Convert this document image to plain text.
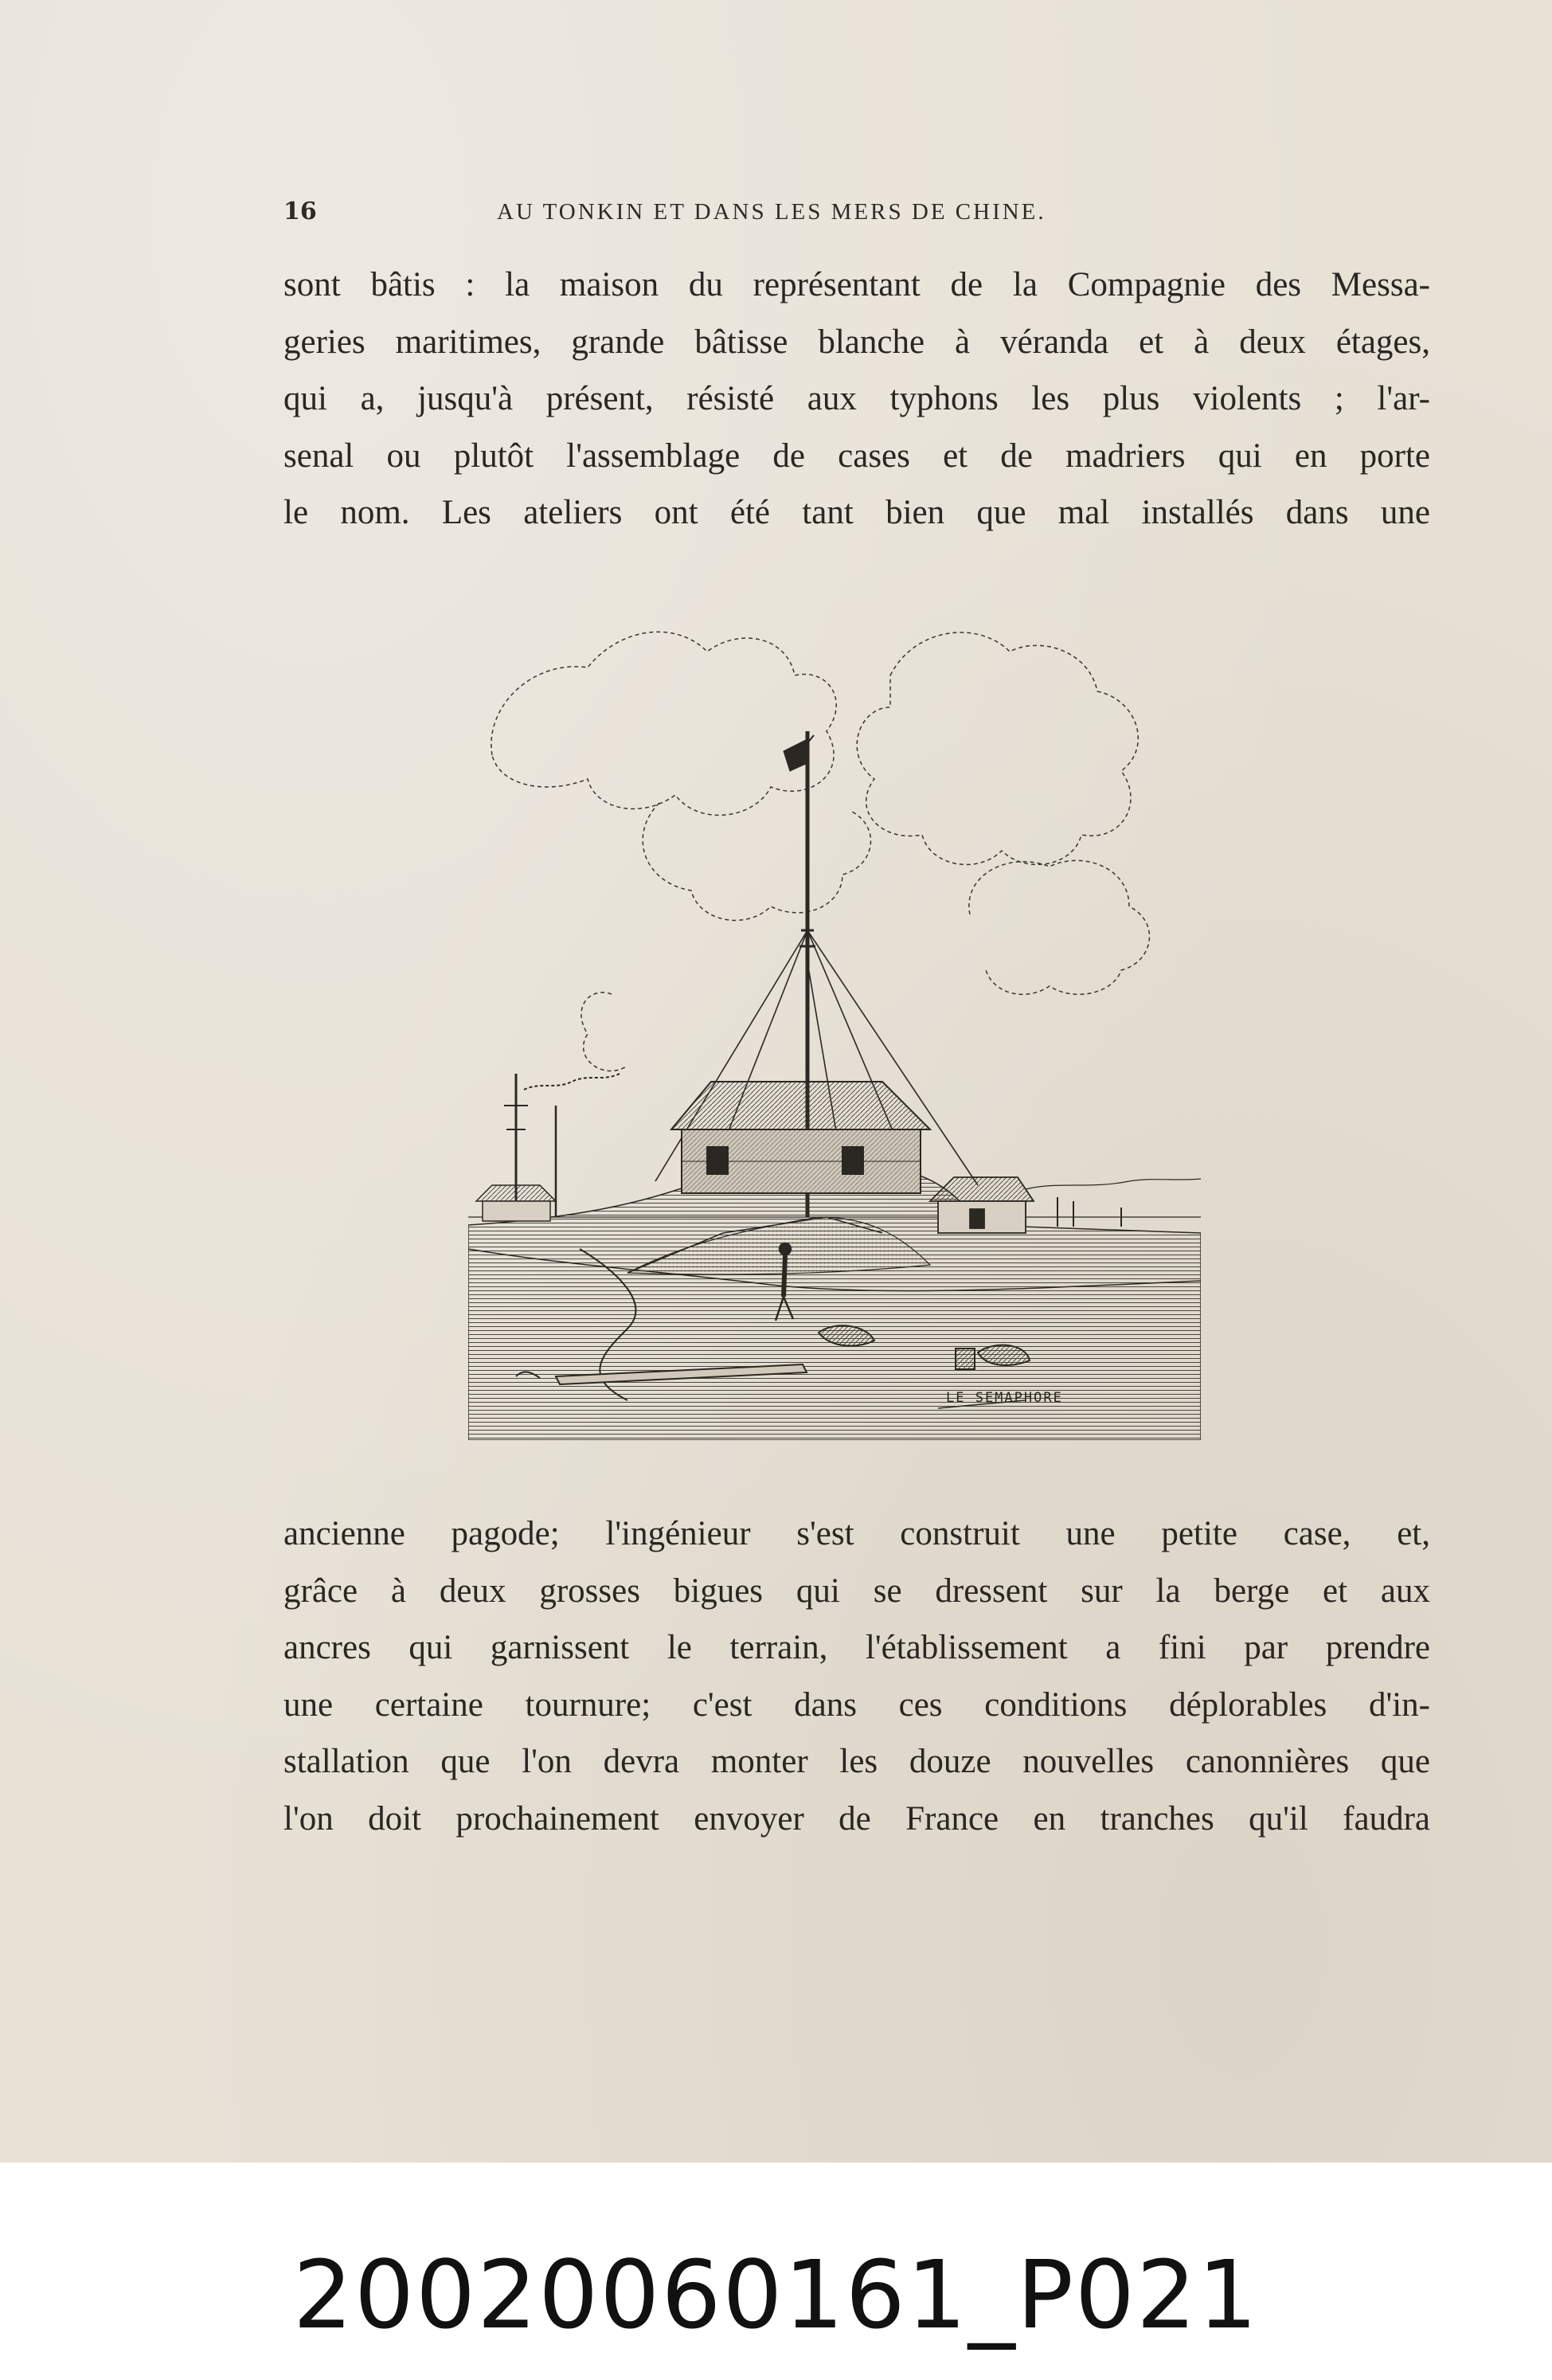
16	AU TONKIN ET DANS LES MERS DE CHINE.
sont bâtis : la maison du représentant de la Compagnie des Messa-
geries maritimes, grande bâtisse blanche à véranda et à deux étages,
qui a, jusqu'à présent, résisté aux typhons les plus violents ; l'ar-
senal ou plutôt l'assemblage de cases et de madriers qui en porte
le nom. Les ateliers ont été tant bien que mal installés dans une
LE SEMAPHORE
ancienne pagode; l'ingénieur s'est construit une petite case, et,
grâce à deux grosses bigues qui se dressent sur la berge et aux
ancres qui garnissent le terrain, l'établissement a fini par prendre
une certaine tournure; c'est dans ces conditions déplorables d'in-
stallation que l'on devra monter les douze nouvelles canonnières que
l'on doit prochainement envoyer de France en tranches qu'il faudra
20020060161_P021
